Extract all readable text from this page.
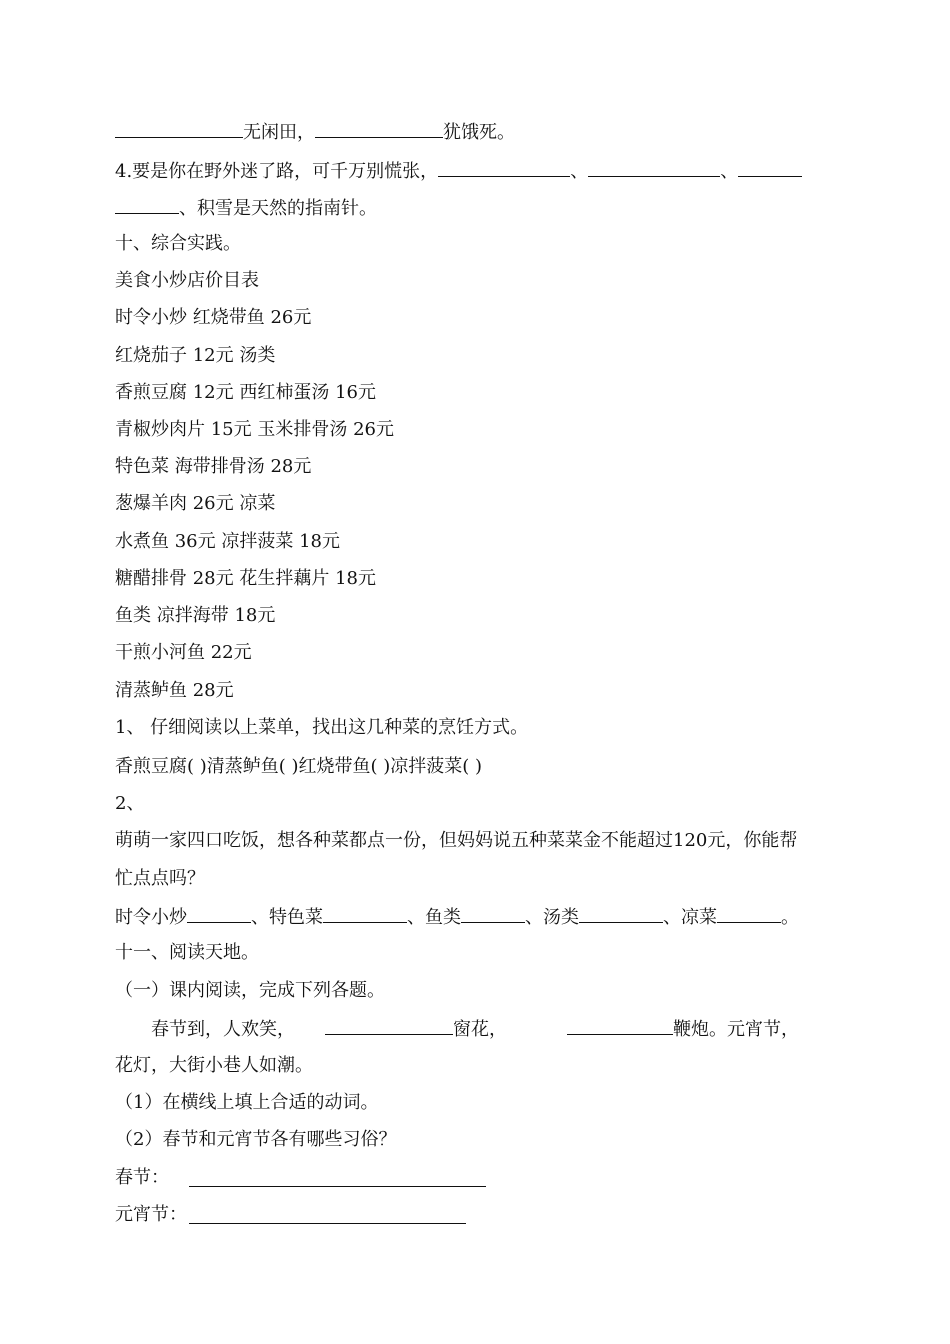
无闲田，	犹饿死。
4.要是你在野外迷了路，可千万别慌张，	、	、
、积雪是天然的指南针。
十、综合实践。
美食小炒店价目表
时令小炒 红烧带鱼 26元
红烧茄子 12元 汤类
香煎豆腐 12元 西红柿蛋汤 16元
青椒炒肉片 15元 玉米排骨汤 26元
特色菜 海带排骨汤 28元
葱爆羊肉 26元 凉菜
水煮鱼 36元 凉拌菠菜 18元
糖醋排骨 28元 花生拌藕片 18元
鱼类 凉拌海带 18元
干煎小河鱼 22元
清蒸鲈鱼 28元
1、 仔细阅读以上菜单，找出这几种菜的烹饪方式。
香煎豆腐( )清蒸鲈鱼( )红烧带鱼( )凉拌菠菜( )
2、
萌萌一家四口吃饭，想各种菜都点一份，但妈妈说五种菜菜金不能超过120元，你能帮
忙点点吗？
时令小炒	、特色菜	、鱼类	、汤类	、凉菜	。
十一、阅读天地。
（一）课内阅读，完成下列各题。
春节到，人欢笑，	窗花，	鞭炮。元宵节，
花灯，大街小巷人如潮。
（1）在横线上填上合适的动词。
（2）春节和元宵节各有哪些习俗？
春节：
元宵节：
